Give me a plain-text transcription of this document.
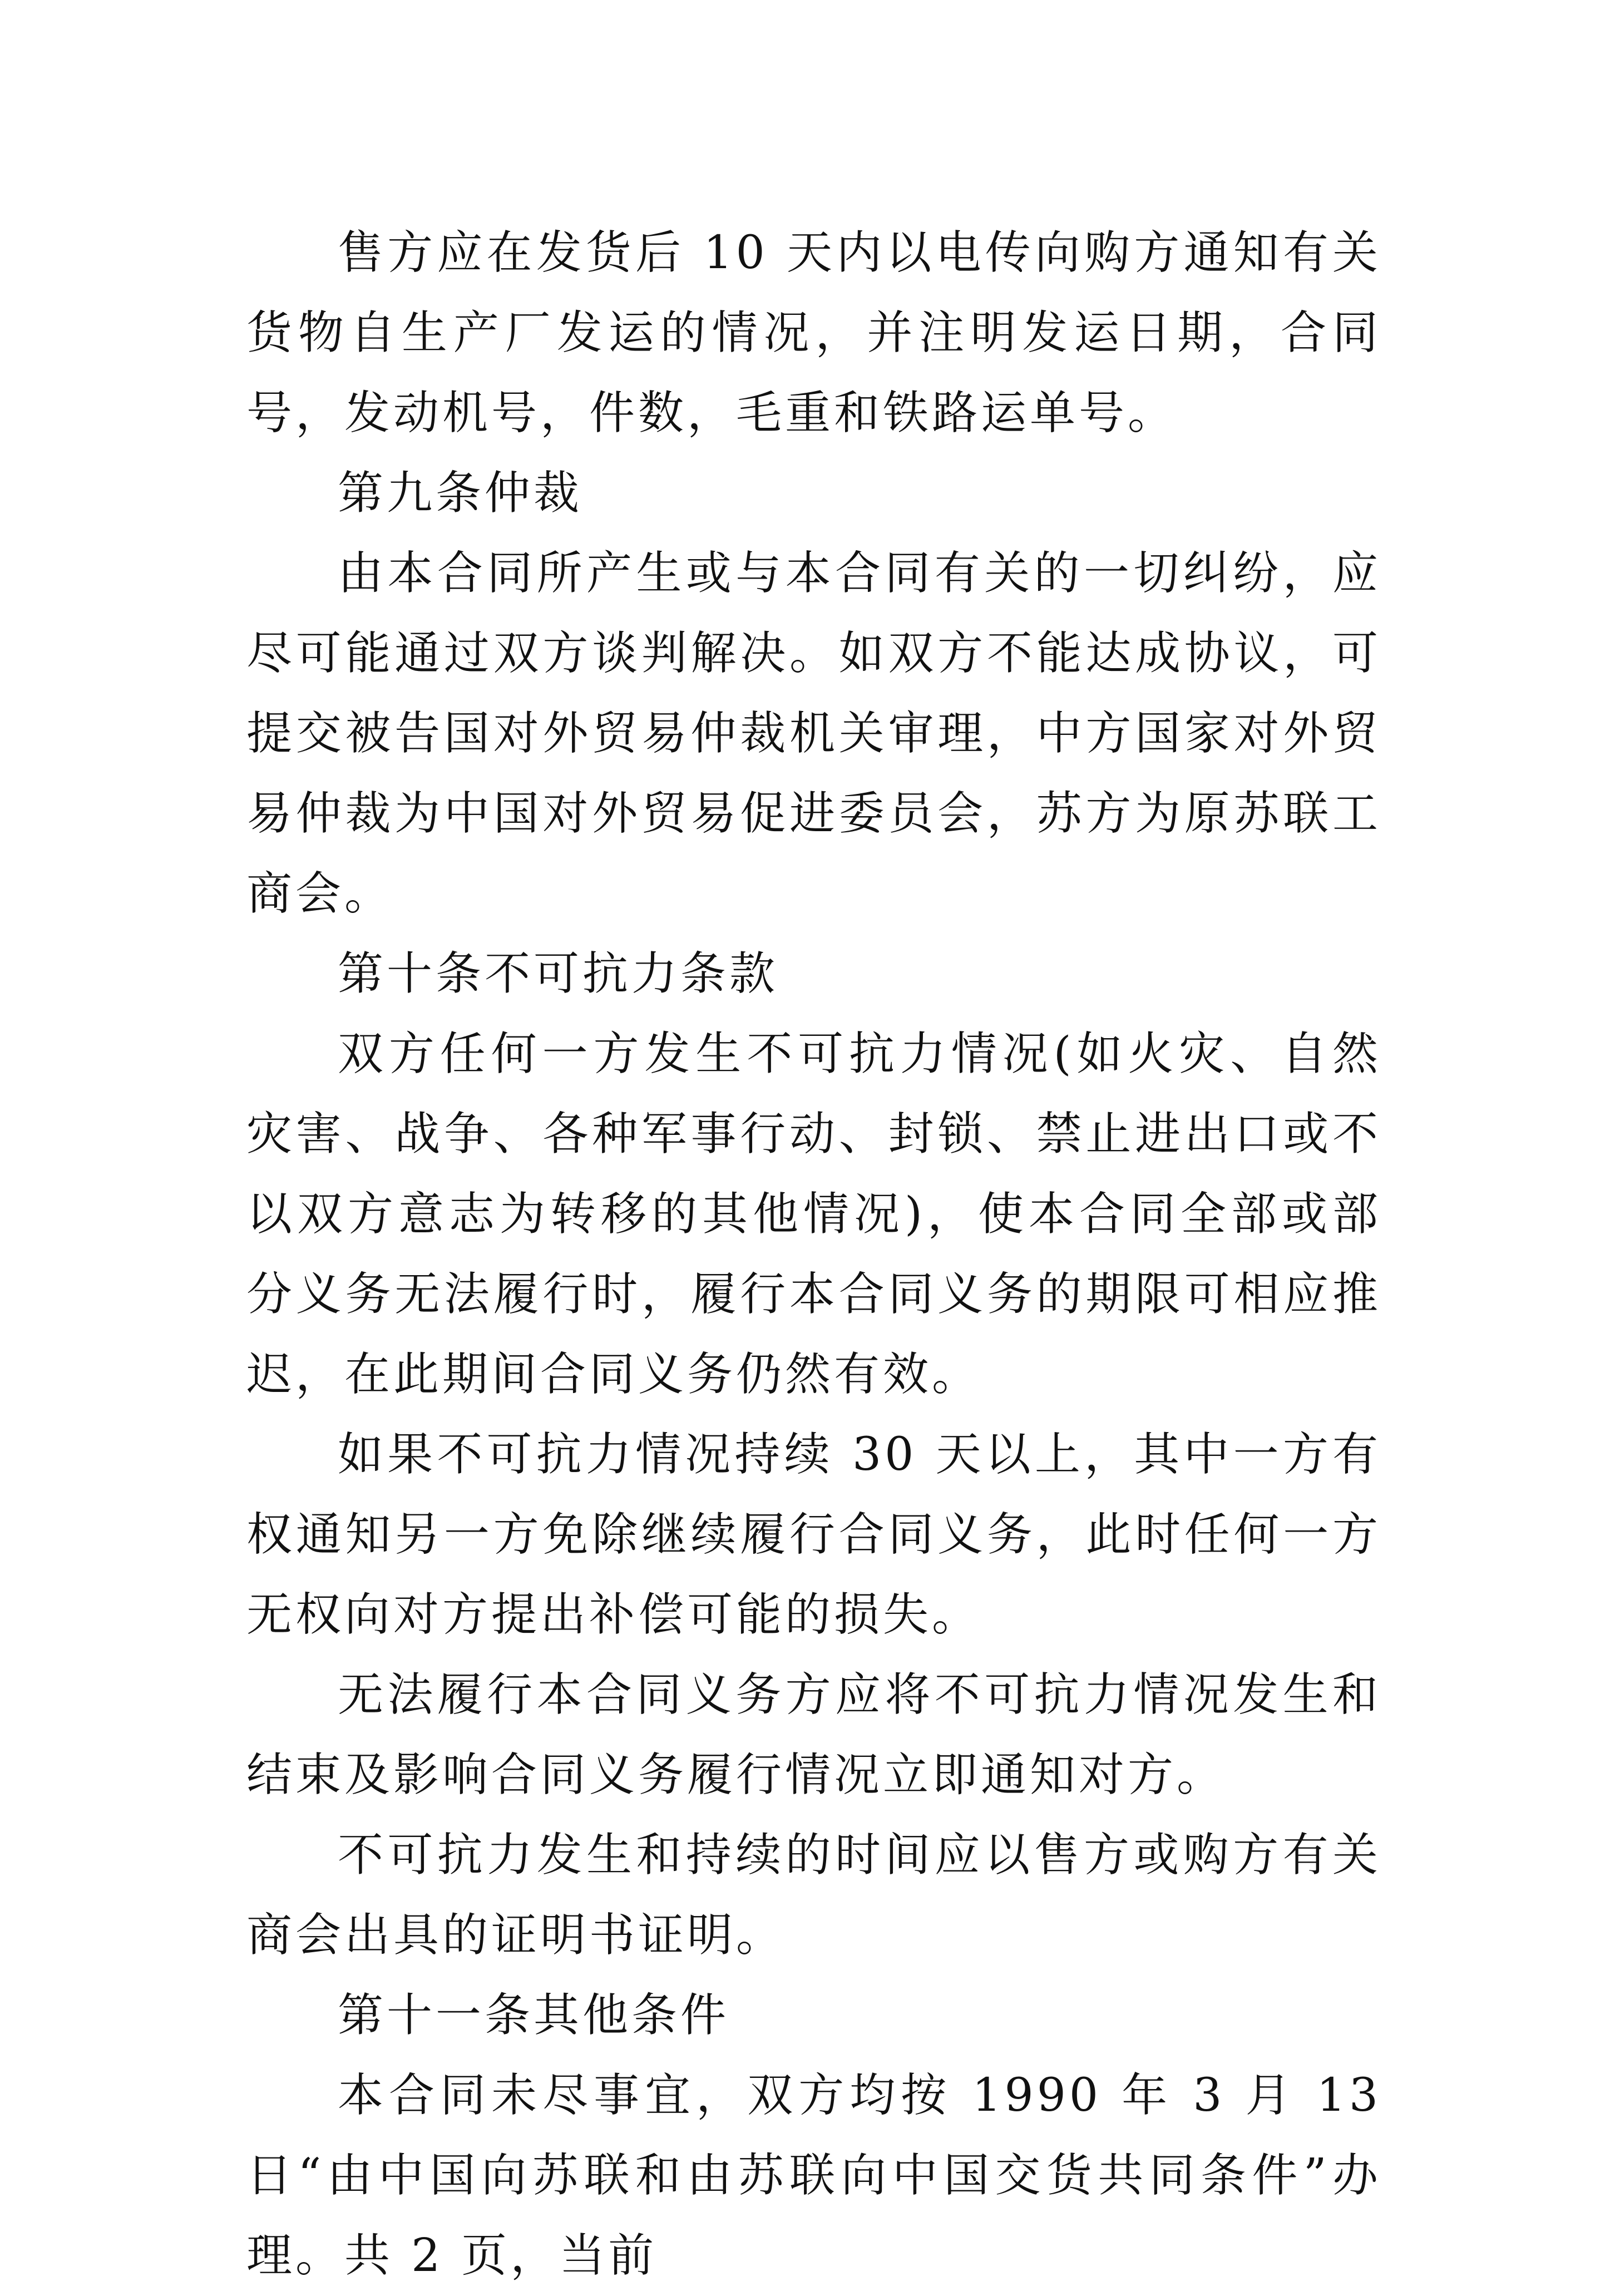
售方应在发货后 10 天内以电传向购方通知有关货物自生产厂发运的情况，并注明发运日期，合同号，发动机号，件数，毛重和铁路运单号。

第九条仲裁

由本合同所产生或与本合同有关的一切纠纷，应尽可能通过双方谈判解决。如双方不能达成协议，可提交被告国对外贸易仲裁机关审理，中方国家对外贸易仲裁为中国对外贸易促进委员会，苏方为原苏联工商会。

第十条不可抗力条款

双方任何一方发生不可抗力情况(如火灾、自然灾害、战争、各种军事行动、封锁、禁止进出口或不以双方意志为转移的其他情况)，使本合同全部或部分义务无法履行时，履行本合同义务的期限可相应推迟，在此期间合同义务仍然有效。

如果不可抗力情况持续 30 天以上，其中一方有权通知另一方免除继续履行合同义务，此时任何一方无权向对方提出补偿可能的损失。

无法履行本合同义务方应将不可抗力情况发生和结束及影响合同义务履行情况立即通知对方。

不可抗力发生和持续的时间应以售方或购方有关商会出具的证明书证明。

第十一条其他条件

本合同未尽事宜，双方均按 1990 年 3 月 13 日“由中国向苏联和由苏联向中国交货共同条件”办理。共 2 页，当前
